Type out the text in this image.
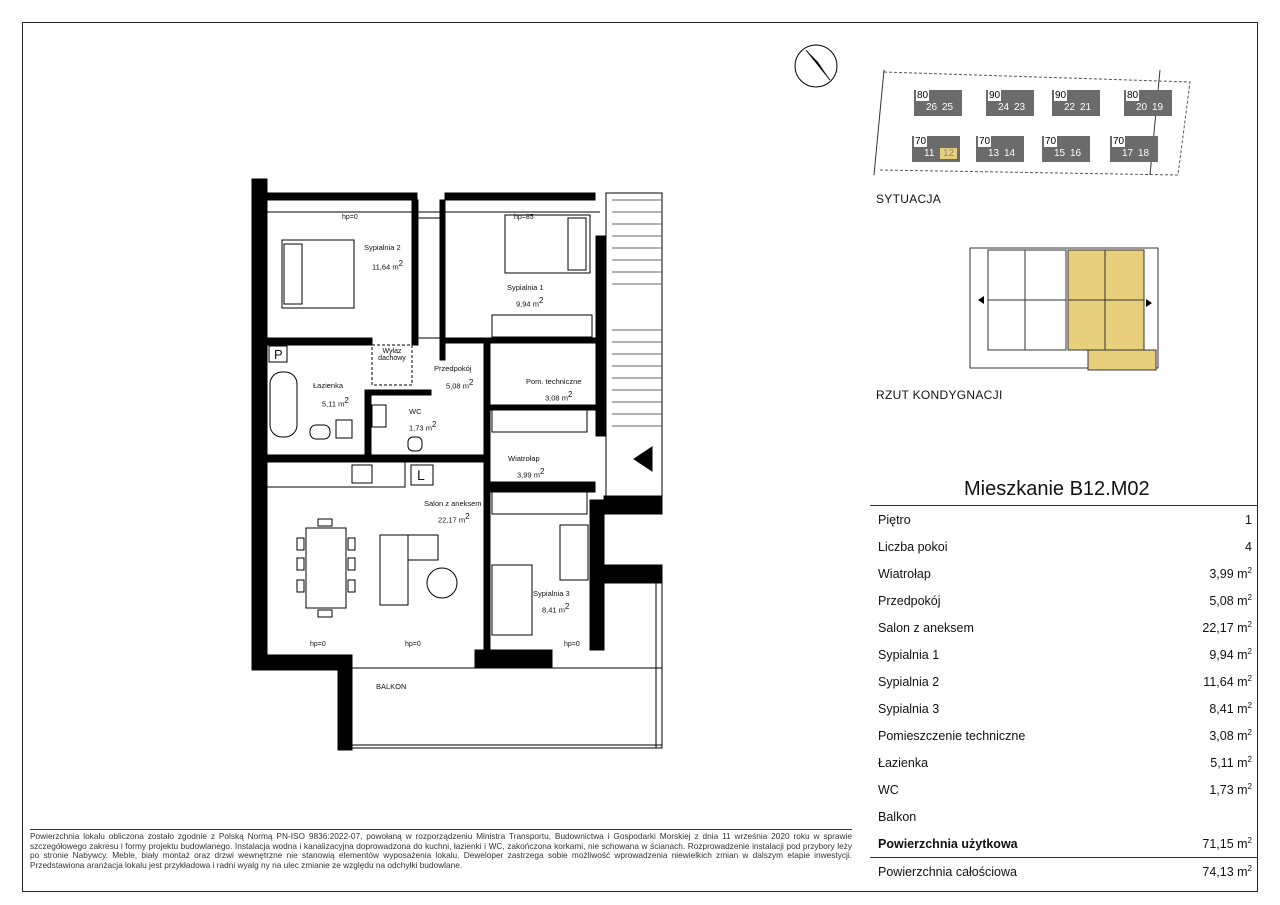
80
26 25
90
24 23
90
22 21
80
20 19
70
11 12
70
13 14
70
15 16
70
17 18
SYTUACJA
RZUT KONDYGNACJI
Sypialnia 2
11,64 $m^2$
Sypialnia 1
9,94 $m^2$
Łazienka
5,11 $m^2$
Przedpokój
5,08 $m^2$	Pom. techniczne
3,08 $m^2$
WC
1,73 $m^2$
Wiatrołap
3,99 $m^2$
Salon z aneksem
22,17 $m^2$
Sypialnia 3
8,41 $m^2$
BALKON
Wyłaz dachowy
hp=0	hp=85
hp=0	hp=0	hp=0
P
L
Mieszkanie B12.M02
Piętro	1
Liczba pokoi	4
Wiatrołap	3,99 $m^2$
Przedpokój	5,08 $m^2$
Salon z aneksem	22,17 $m^2$
Sypialnia 1	9,94 $m^2$
Sypialnia 2	11,64 $m^2$
Sypialnia 3	8,41 $m^2$
Pomieszczenie techniczne	3,08 $m^2$
Łazienka	5,11 $m^2$
WC	1,73 $m^2$
Balkon
Powierzchnia użytkowa	71,15 $m^2$
Powierzchnia całościowa	74,13 $m^2$
Powierzchnia lokalu obliczona zostało zgodnie z Polską Normą PN-ISO 9836:2022-07, powołaną w rozporządzeniu Ministra Transportu, Budownictwa i Gospodarki Morskiej z dnia 11 września 2020 roku w sprawie szczegółowego zakresu i formy projektu budowlanego. Instalacja wodna i kanalizacyjna doprowadzona do kuchni, łazienki i WC, zakończona korkami, nie schowana w ścianach. Rozprowadzenie instalacji pod przybory leży po stronie Nabywcy. Meble, biały montaż oraz drzwi wewnętrzne nie stanowią elementów wyposażenia lokalu. Deweloper zastrzega sobie możliwość wprowadzenia niewielkich zmian w dalszym etapie inwestycji. Przedstawiona aranżacja lokalu jest przykładowa i radni wyalg ny na ulec zmianie ze względu na odchyłki budowlane.
